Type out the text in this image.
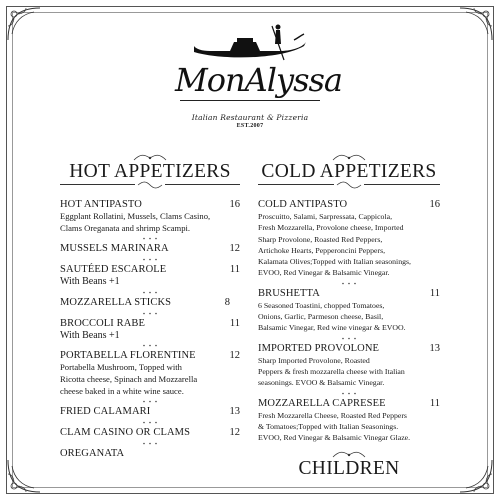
MonAlyssa
Italian Restaurant & Pizzeria
EST.2007
HOT APPETIZERS
HOT ANTIPASTO	16
Eggplant Rollatini, Mussels, Clams Casino,
Clams Oreganata and shrimp Scampi.
MUSSELS MARINARA	12
SAUTÉED ESCAROLE	11
With Beans +1
MOZZARELLA STICKS	8
BROCCOLI RABE	11
With Beans +1
PORTABELLA FLORENTINE	12
Portabella Mushroom, Topped with
Ricotta cheese, Spinach and Mozzarella
cheese baked in a white wine sauce.
FRIED CALAMARI	13
CLAM CASINO OR CLAMS	12
OREGANATA
COLD APPETIZERS
COLD ANTIPASTO	16
Proscuitto, Salami, Sarpressata, Cappicola,
Fresh Mozzarella, Provolone cheese, Imported
Sharp Provolone, Roasted Red Peppers,
Artichoke Hearts, Pepperoncini Peppers,
Kalamata Olives;Topped with Italian seasonings,
EVOO, Red Vinegar & Balsamic Vinegar.
BRUSHETTA	11
6 Seasoned Toastini, chopped Tomatoes,
Onions, Garlic, Parmeson cheese, Basil,
Balsamic Vinegar, Red wine vinegar & EVOO.
IMPORTED PROVOLONE	13
Sharp Imported Provolone, Roasted
Peppers & fresh mozzarella cheese with Italian
seasonings. EVOO & Balsamic Vinegar.
MOZZARELLA CAPRESEE	11
Fresh Mozzarella Cheese, Roasted Red Peppers
& Tomatoes;Topped with Italian Seasonings.
EVOO, Red Vinegar & Balsamic Vinegar Glaze.
CHILDREN
